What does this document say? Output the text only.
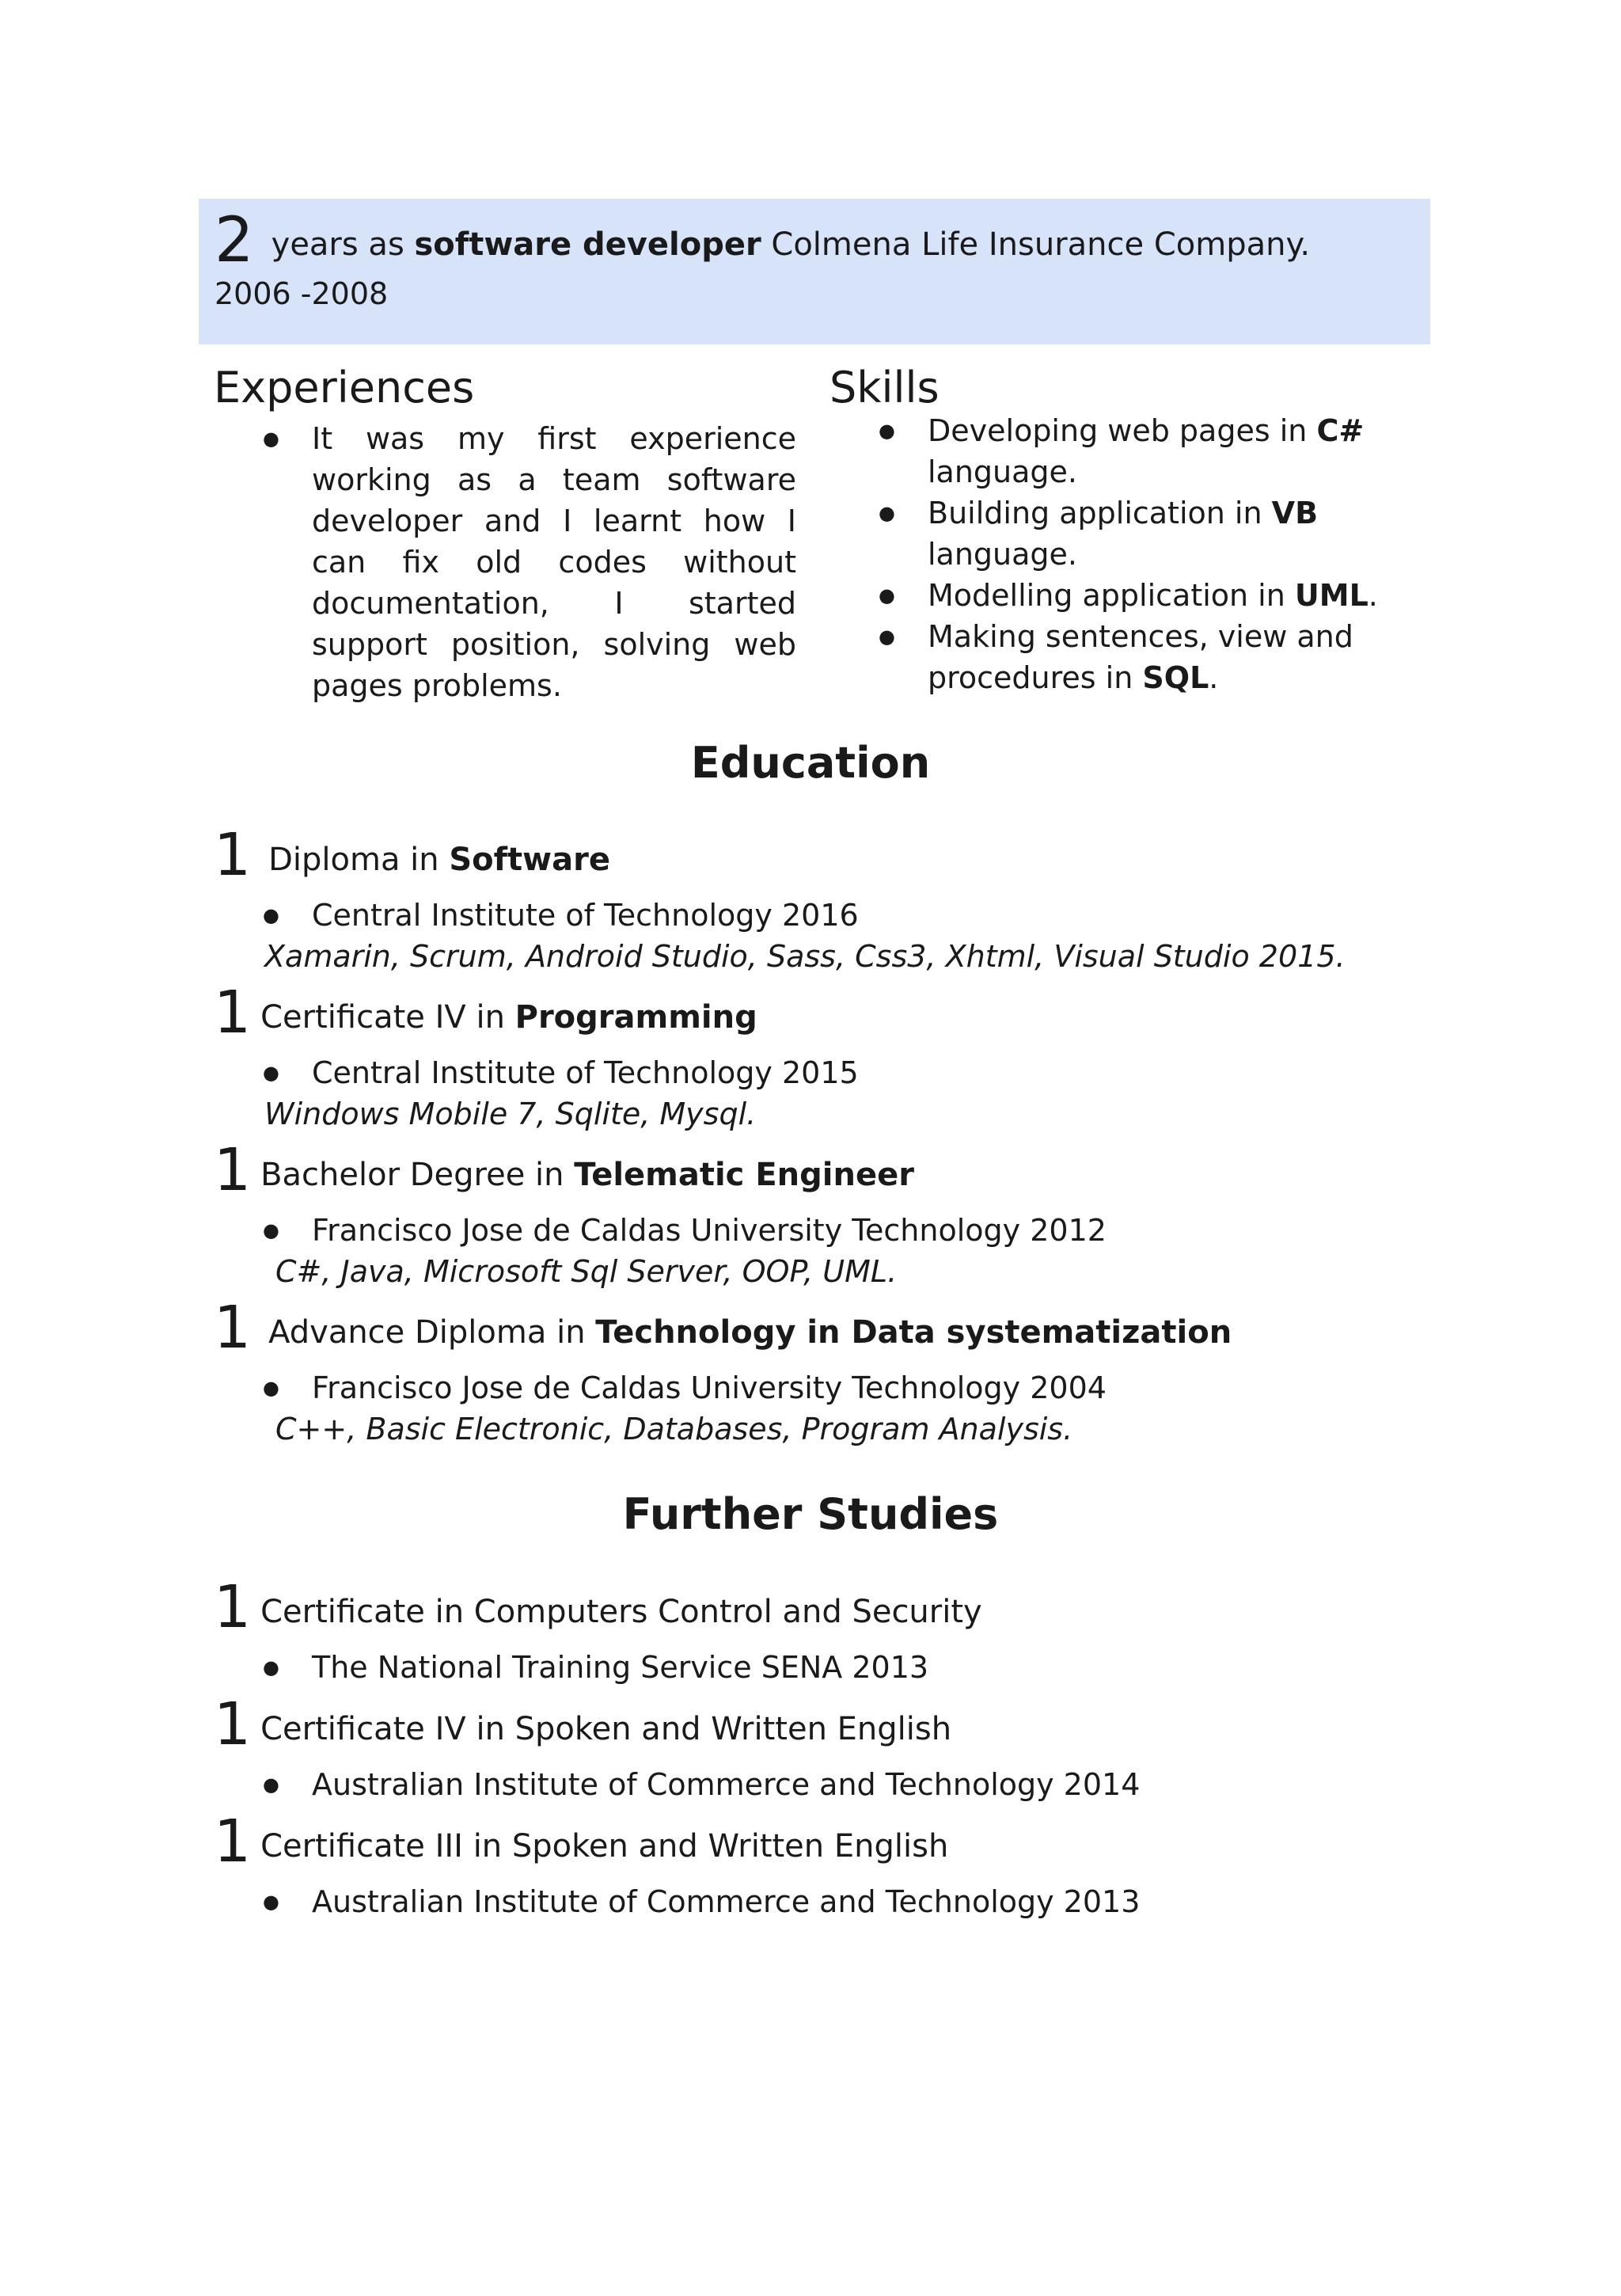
2 years as software developer Colmena Life Insurance Company.
2006 -2008
Experiences
● It was my first experience working as a team software developer and I learnt how I can fix old codes without documentation, I started support position, solving web pages problems.
Skills
● Developing web pages in C# language.
● Building application in VB language.
● Modelling application in UML.
● Making sentences, view and procedures in SQL.
Education
1 Diploma in Software
● Central Institute of Technology 2016
Xamarin, Scrum, Android Studio, Sass, Css3, Xhtml, Visual Studio 2015.
1 Certificate IV in Programming
● Central Institute of Technology 2015
Windows Mobile 7, Sqlite, Mysql.
1 Bachelor Degree in Telematic Engineer
● Francisco Jose de Caldas University Technology 2012
C#, Java, Microsoft Sql Server, OOP, UML.
1 Advance Diploma in Technology in Data systematization
● Francisco Jose de Caldas University Technology 2004
C++, Basic Electronic, Databases, Program Analysis.
Further Studies
1 Certificate in Computers Control and Security
● The National Training Service SENA 2013
1 Certificate IV in Spoken and Written English
● Australian Institute of Commerce and Technology 2014
1 Certificate III in Spoken and Written English
● Australian Institute of Commerce and Technology 2013
